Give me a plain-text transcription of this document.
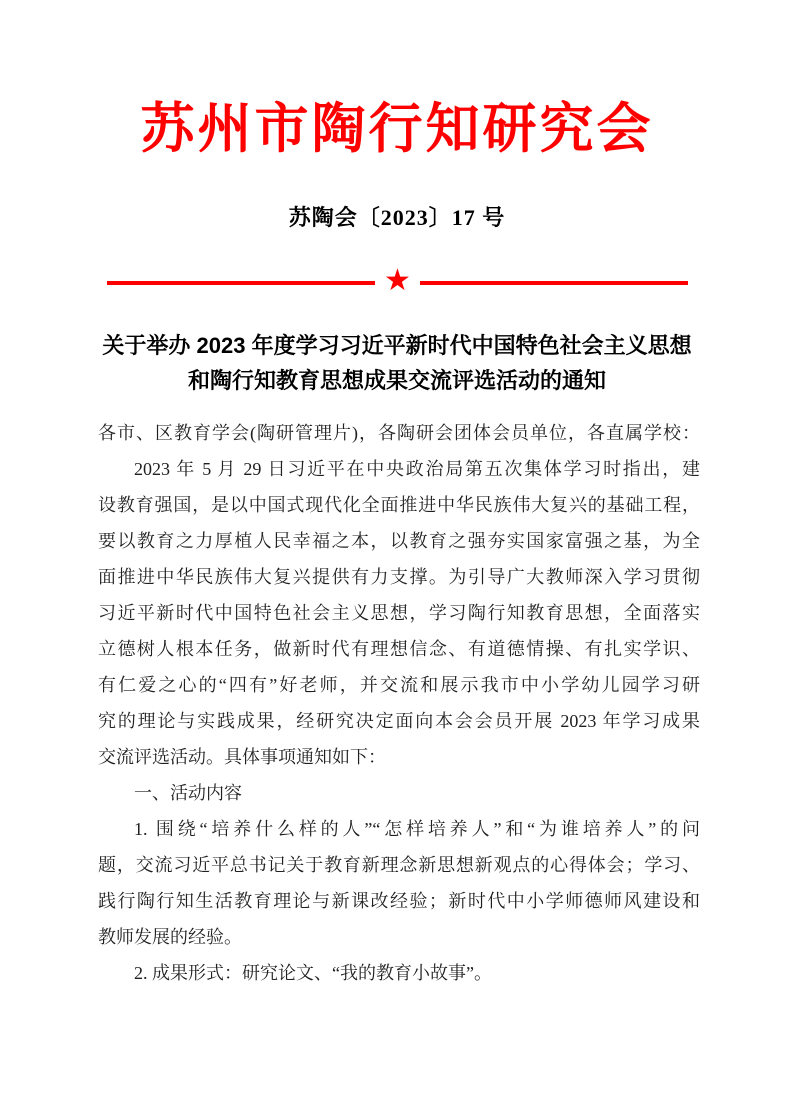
苏州市陶行知研究会
苏陶会〔2023〕17 号
★
关于举办 2023 年度学习习近平新时代中国特色社会主义思想
和陶行知教育思想成果交流评选活动的通知
各市、区教育学会(陶研管理片)，各陶研会团体会员单位，各直属学校：
2023 年 5 月 29 日习近平在中央政治局第五次集体学习时指出，建
设教育强国，是以中国式现代化全面推进中华民族伟大复兴的基础工程，
要以教育之力厚植人民幸福之本，以教育之强夯实国家富强之基，为全
面推进中华民族伟大复兴提供有力支撑。为引导广大教师深入学习贯彻
习近平新时代中国特色社会主义思想，学习陶行知教育思想，全面落实
立德树人根本任务，做新时代有理想信念、有道德情操、有扎实学识、
有仁爱之心的“四有”好老师，并交流和展示我市中小学幼儿园学习研
究的理论与实践成果，经研究决定面向本会会员开展 2023 年学习成果
交流评选活动。具体事项通知如下：
一、活动内容
1. 围绕“培养什么样的人”“怎样培养人”和“为谁培养人”的问
题，交流习近平总书记关于教育新理念新思想新观点的心得体会；学习、
践行陶行知生活教育理论与新课改经验；新时代中小学师德师风建设和
教师发展的经验。
2. 成果形式：研究论文、“我的教育小故事”。
